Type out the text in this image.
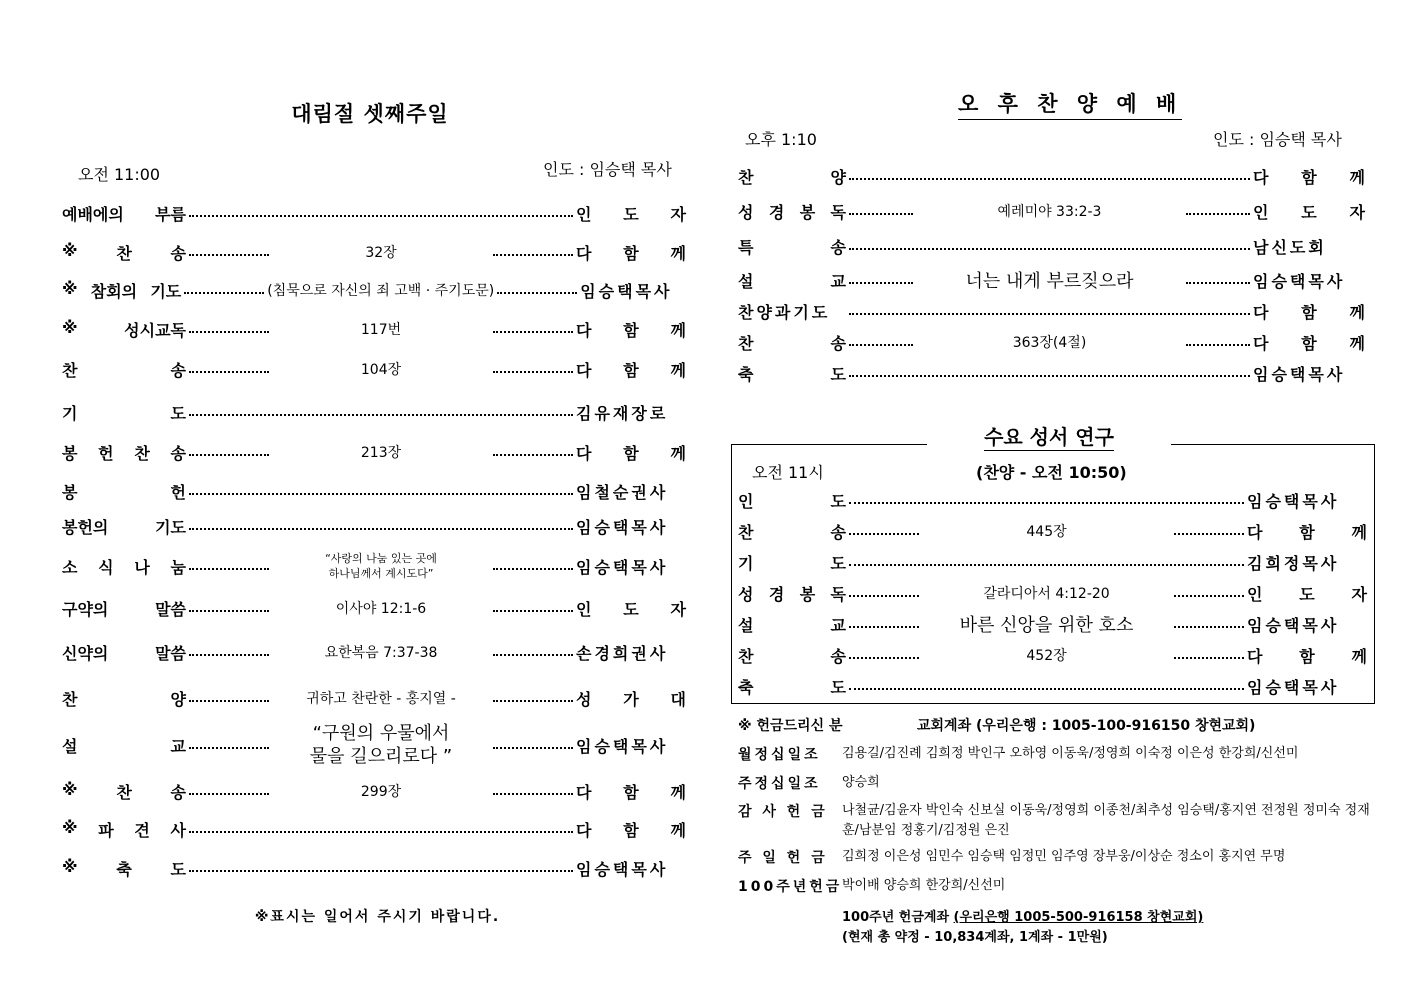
대림절 셋째주일
오전 11:00	인도 : 임승택 목사
예배에의 부름	인 도 자
※ 찬 송	32장	다 함 께
※ 참회의 기도	(침묵으로 자신의 죄 고백 · 주기도문)	임승택목사
※	성시교독	117번	다 함 께
찬	송	104장	다 함 께
기	도	김유재장로
봉 헌 찬 송	213장	다 함 께
봉	헌	임철순권사
봉헌의	기도	임승택목사
소 식 나 눔	“사랑의 나눔 있는 곳에
하나님께서 계시도다”	임승택목사
구약의	말씀	이사야 12:1-6	인 도 자
신약의	말씀	요한복음 7:37-38	손경희권사
찬	양	귀하고 찬란한 - 홍지열 -	성 가 대
설	교
“구원의 우물에서
물을 길으리로다 ”	임승택목사
※ 찬 송	299장	다 함 께
※ 파 견 사	다 함 께
※ 축 도	임승택목사
※표시는 일어서 주시기 바랍니다.
오 후 찬 양 예 배
오후 1:10	인도 : 임승택 목사
찬	양	다 함 께
성 경 봉 독	예레미야 33:2-3	인 도 자
특	송	남신도회
설	교	너는 내게 부르짖으라	임승택목사
찬양과기도	다 함 께
찬	송	363장(4절)	다 함 께
축	도	임승택목사
수요 성서 연구
오전 11시	(찬양 - 오전 10:50)
인	도	임승택목사
찬	송	445장	다 함 께
기	도	김희정목사
성 경 봉 독	갈라디아서 4:12-20	인 도 자
설	교	바른 신앙을 위한 호소	임승택목사
찬	송	452장	다 함 께
축	도	임승택목사
※ 헌금드리신 분	교회계좌 (우리은행 : 1005-100-916150 창현교회)
월정십일조	김용길/김진례 김희정 박인구 오하영 이동욱/정영희 이숙정 이은성 한강희/신선미
주정십일조	양승희
감 사 헌 금	나철균/김윤자 박인숙 신보실 이동욱/정영희 이종천/최추성 임승택/홍지연 전정원 정미숙 정재훈/남분임 정홍기/김정원 은진
주 일 헌 금	김희정 이은성 임민수 임승택 임정민 임주영 장부웅/이상순 정소이 홍지연 무명
100주년헌금 박이배 양승희 한강희/신선미
100주년 헌금계좌 (우리은행 1005-500-916158 창현교회)
(현재 총 약정 - 10,834계좌, 1계좌 - 1만원)
